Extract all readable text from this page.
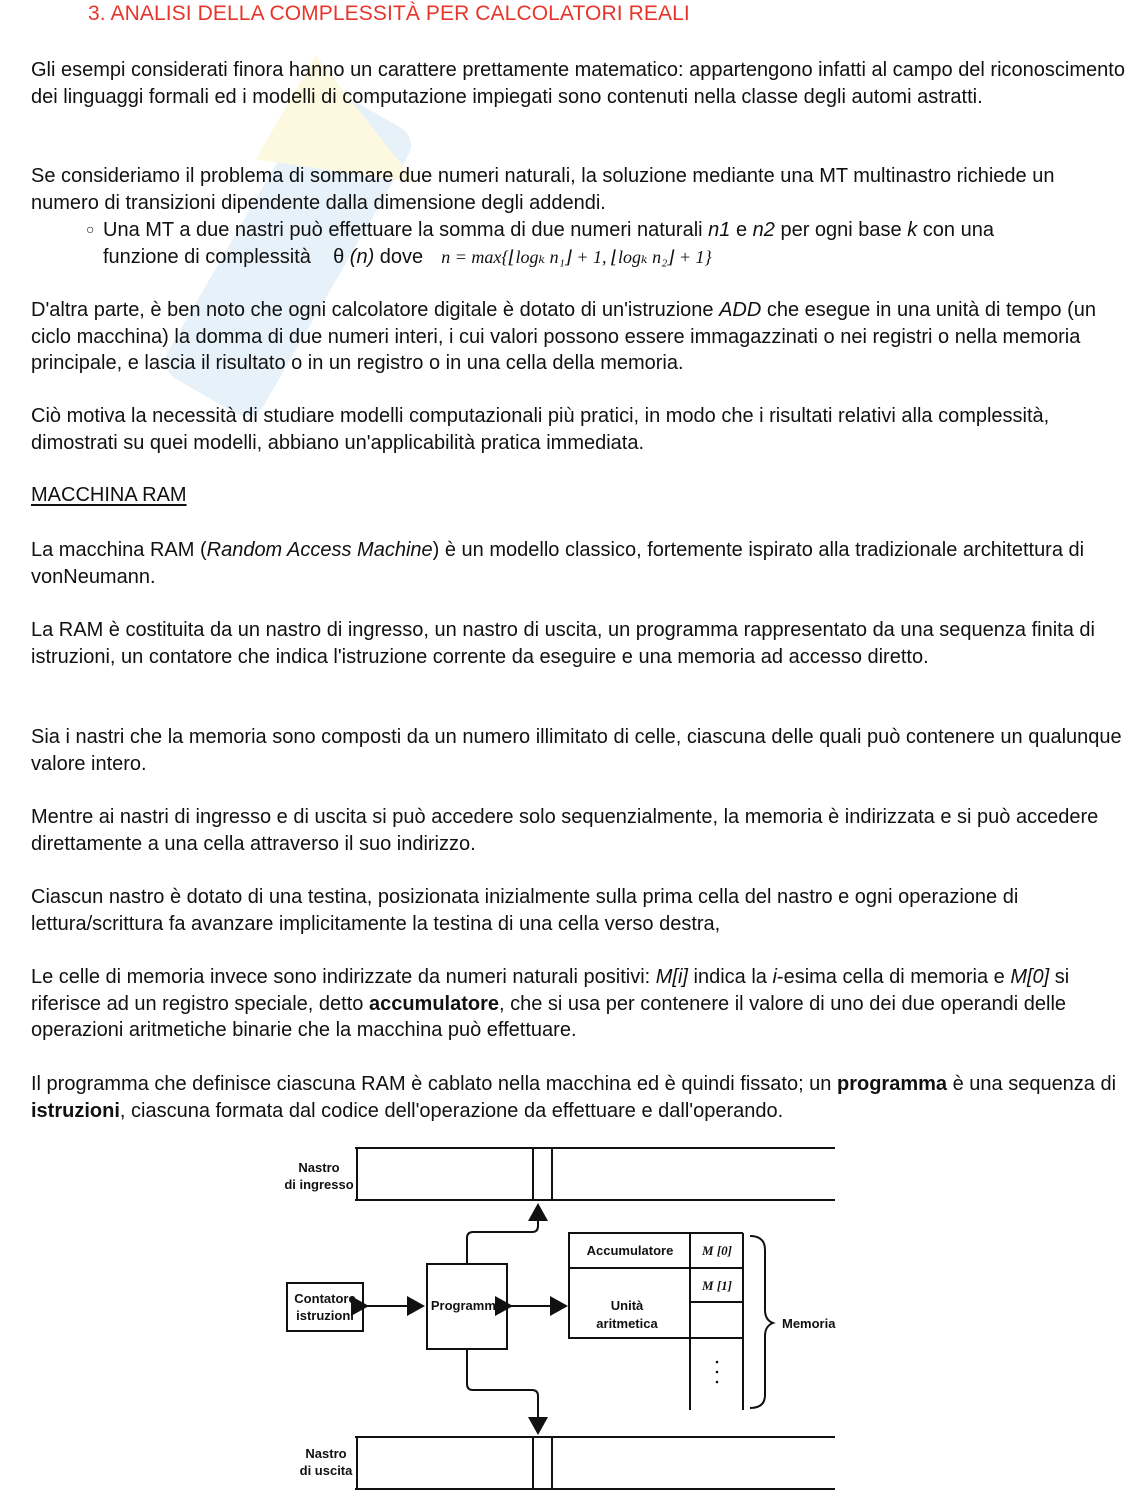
3. ANALISI DELLA COMPLESSITÀ PER CALCOLATORI REALI

Gli esempi considerati finora hanno un carattere prettamente matematico: appartengono infatti al campo del riconoscimento dei linguaggi formali ed i modelli di computazione impiegati sono contenuti nella classe degli automi astratti.

Se consideriamo il problema di sommare due numeri naturali, la soluzione mediante una MT multinastro richiede un numero di transizioni dipendente dalla dimensione degli addendi.

○ Una MT a due nastri può effettuare la somma di due numeri naturali n1 e n2 per ogni base k con una
funzione di complessità    θ (n) dove n = max{⌊logₖ n₁⌋ + 1, ⌊logₖ n₂⌋ + 1}

D'altra parte, è ben noto che ogni calcolatore digitale è dotato di un'istruzione ADD che esegue in una unità di tempo (un ciclo macchina) la domma di due numeri interi, i cui valori possono essere immagazzinati o nei registri o nella memoria principale, e lascia il risultato o in un registro o in una cella della memoria.

Ciò motiva la necessità di studiare modelli computazionali più pratici, in modo che i risultati relativi alla complessità, dimostrati su quei modelli, abbiano un'applicabilità pratica immediata.

MACCHINA RAM

La macchina RAM (Random Access Machine) è un modello classico, fortemente ispirato alla tradizionale architettura di vonNeumann.

La RAM è costituita da un nastro di ingresso, un nastro di uscita, un programma rappresentato da una sequenza finita di istruzioni, un contatore che indica l'istruzione corrente da eseguire e una memoria ad accesso diretto.

Sia i nastri che la memoria sono composti da un numero illimitato di celle, ciascuna delle quali può contenere un qualunque valore intero.

Mentre ai nastri di ingresso e di uscita si può accedere solo sequenzialmente, la memoria è indirizzata e si può accedere direttamente a una cella attraverso il suo indirizzo.

Ciascun nastro è dotato di una testina, posizionata inizialmente sulla prima cella del nastro e ogni operazione di lettura/scrittura fa avanzare implicitamente la testina di una cella verso destra,

Le celle di memoria invece sono indirizzate da numeri naturali positivi: M[i] indica la i-esima cella di memoria e M[0] si riferisce ad un registro speciale, detto accumulatore, che si usa per contenere il valore di uno dei due operandi delle operazioni aritmetiche binarie che la macchina può effettuare.

Il programma che definisce ciascuna RAM è cablato nella macchina ed è quindi fissato; un programma è una sequenza di istruzioni, ciascuna formata dal codice dell'operazione da effettuare e dall'operando.

Nastro
di ingresso
Contatore
istruzioni
Programma
Accumulatore
Unità
aritmetica
M [0]
M [1]
Memoria
Nastro
di uscita
